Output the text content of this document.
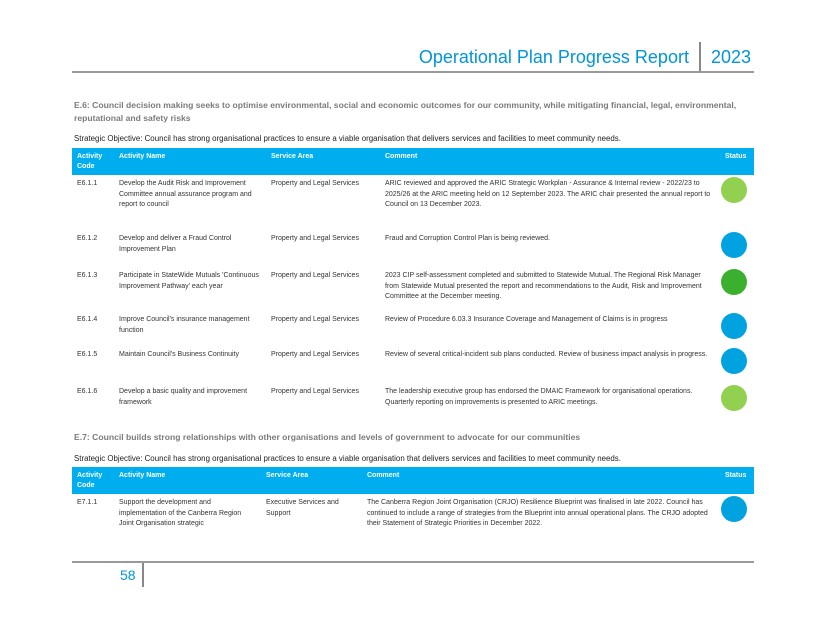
Operational Plan Progress Report	2023
E.6: Council decision making seeks to optimise environmental, social and economic outcomes for our community, while mitigating financial, legal, environmental, reputational and safety risks
Strategic Objective: Council has strong organisational practices to ensure a viable organisation that delivers services and facilities to meet community needs.
Activity Code	Activity Name	Service Area	Comment	Status
E6.1.1	Develop the Audit Risk and Improvement Committee annual assurance program and report to council	Property and Legal Services	ARIC reviewed and approved the ARIC Strategic Workplan - Assurance & Internal review - 2022/23 to 2025/26 at the ARIC meeting held on 12 September 2023. The ARIC chair presented the annual report to Council on 13 December 2023.	

E6.1.2	Develop and deliver a Fraud Control Improvement Plan	Property and Legal Services	Fraud and Corruption Control Plan is being reviewed.	

E6.1.3	Participate in StateWide Mutuals 'Continuous Improvement Pathway' each year	Property and Legal Services	2023 CIP self-assessment completed and submitted to Statewide Mutual. The Regional Risk Manager from Statewide Mutual presented the report and recommendations to the Audit, Risk and Improvement Committee at the December meeting.	

E6.1.4	Improve Council's insurance management function	Property and Legal Services	Review of Procedure 6.03.3 Insurance Coverage and Management of Claims is in progress	

E6.1.5	Maintain Council's Business Continuity	Property and Legal Services	Review of several critical-incident sub plans conducted. Review of business impact analysis in progress.	

E6.1.6	Develop a basic quality and improvement framework	Property and Legal Services	The leadership executive group has endorsed the DMAIC Framework for organisational operations. Quarterly reporting on improvements is presented to ARIC meetings.	
E.7: Council builds strong relationships with other organisations and levels of government to advocate for our communities
Strategic Objective: Council has strong organisational practices to ensure a viable organisation that delivers services and facilities to meet community needs.
Activity Code	Activity Name	Service Area	Comment	Status
E7.1.1	Support the development and implementation of the Canberra Region Joint Organisation strategic	Executive Services and Support	The Canberra Region Joint Organisation (CRJO) Resilience Blueprint was finalised in late 2022. Council has continued to include a range of strategies from the Blueprint into annual operational plans. The CRJO adopted their Statement of Strategic Priorities in December 2022.	
58
